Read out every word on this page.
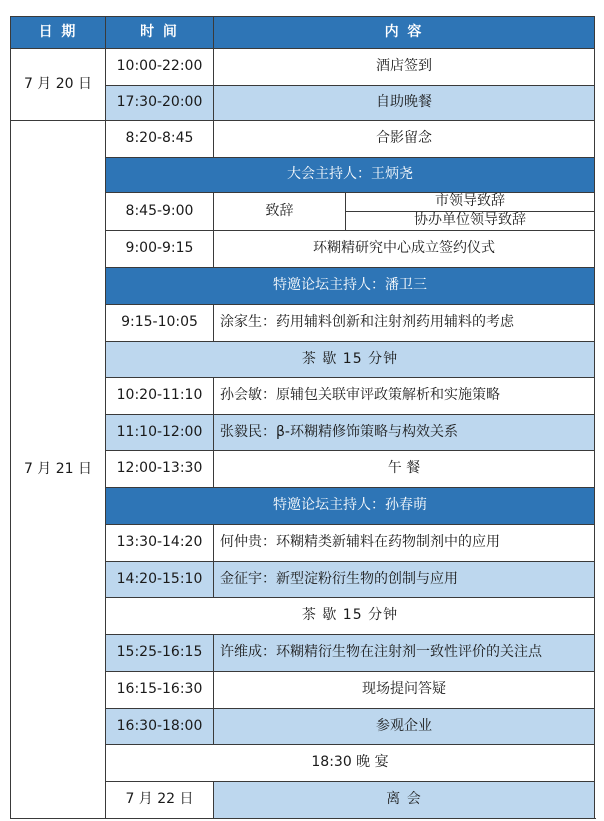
日 期	时 间	内 容	
7 月 20 日	10:00-22:00	酒店签到	
	17:30-20:00	自助晚餐	
7 月 21 日	8:20-8:45	合影留念	
	大会主持人：王炳尧		
	8:45-9:00	致辞	市领导致辞
			协办单位领导致辞
	9:00-9:15	环糊精研究中心成立签约仪式	
	特邀论坛主持人：潘卫三		
	9:15-10:05	涂家生：药用辅料创新和注射剂药用辅料的考虑	
	茶 歇 15 分钟		
	10:20-11:10	孙会敏：原辅包关联审评政策解析和实施策略	
	11:10-12:00	张毅民：β-环糊精修饰策略与构效关系	
	12:00-13:30	午 餐	
	特邀论坛主持人：孙春萌		
	13:30-14:20	何仲贵：环糊精类新辅料在药物制剂中的应用	
	14:20-15:10	金征宇：新型淀粉衍生物的创制与应用	
	茶 歇 15 分钟		
	15:25-16:15	许维成：环糊精衍生物在注射剂一致性评价的关注点	
	16:15-16:30	现场提问答疑	
	16:30-18:00	参观企业	
	18:30 晚 宴		
	7 月 22 日	离 会	
